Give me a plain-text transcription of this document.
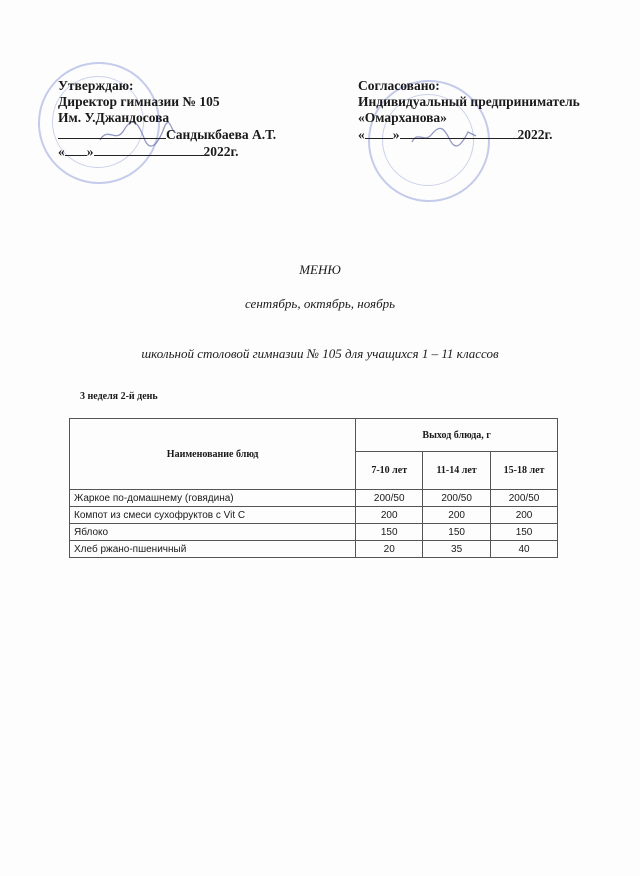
Утверждаю:
Директор гимназии № 105
Им. У.Джандосова
Сандыкбаева А.Т.
« »	2022г.
Согласовано:
Индивидуальный предприниматель
«Омарханова»
« »	2022г.
МЕНЮ
сентябрь, октябрь, ноябрь
школьной столовой гимназии № 105 для учащихся 1 – 11 классов
3 неделя 2-й день
Наименование блюд	Выход блюда, г		
	7-10 лет	11-14 лет	15-18 лет
Жаркое по-домашнему (говядина)	200/50	200/50	200/50
Компот из смеси сухофруктов с Vit C	200	200	200
Яблоко	150	150	150
Хлеб ржано-пшеничный	20	35	40
